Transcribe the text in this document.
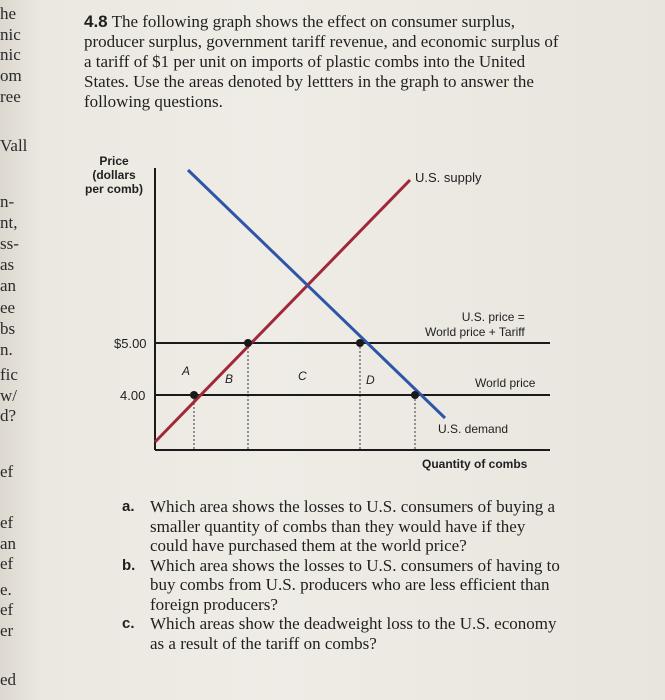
he
nic
nic
om
ree
Vall
n-
nt,
ss-
as
an
ee
bs
n.
fic
w/
d?
ef
ef
an
ef
e.
ef
er
ed
4.8 The following graph shows the effect on consumer surplus, producer surplus, government tariff revenue, and economic surplus of a tariff of $1 per unit on imports of plastic combs into the United States. Use the areas denoted by lettters in the graph to answer the following questions.
Price
(dollars
per comb)
U.S. supply
U.S. price =
World price + Tariff
$5.00
4.00
A
B	C	D	World price
U.S. demand
Quantity of combs
a. Which area shows the losses to U.S. consumers of buying a smaller quantity of combs than they would have if they could have purchased them at the world price?
b. Which area shows the losses to U.S. consumers of having to buy combs from U.S. producers who are less efficient than foreign producers?
c. Which areas show the deadweight loss to the U.S. economy as a result of the tariff on combs?
